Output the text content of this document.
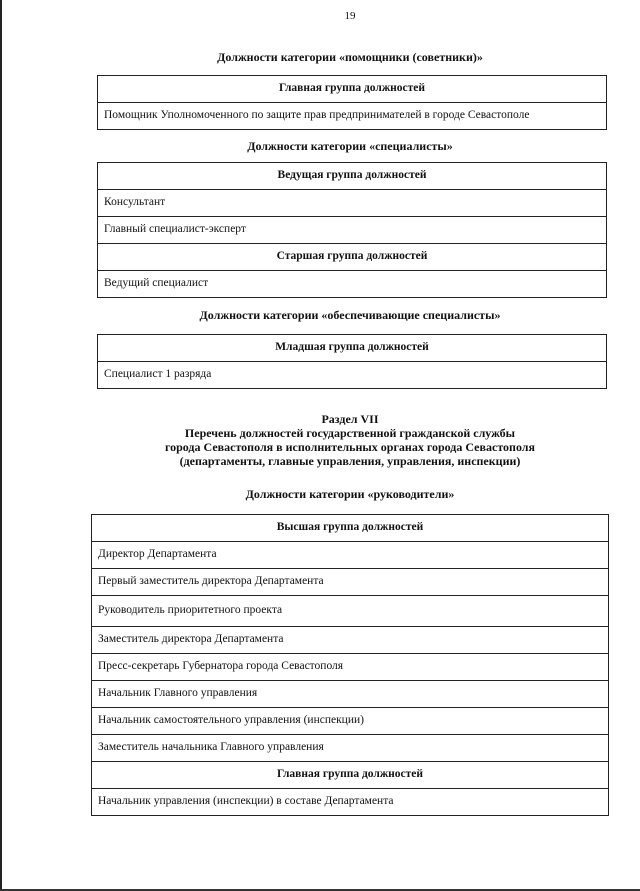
19
Должности категории «помощники (советники)»
Главная группа должностей
Помощник Уполномоченного по защите прав предпринимателей в городе Севастополе
Должности категории «специалисты»
Ведущая группа должностей
Консультант
Главный специалист-эксперт
Старшая группа должностей
Ведущий специалист
Должности категории «обеспечивающие специалисты»
Младшая группа должностей
Специалист 1 разряда
Раздел VII
Перечень должностей государственной гражданской службы
города Севастополя в исполнительных органах города Севастополя
(департаменты, главные управления, управления, инспекции)
Должности категории «руководители»
Высшая группа должностей
Директор Департамента
Первый заместитель директора Департамента
Руководитель приоритетного проекта
Заместитель директора Департамента
Пресс-секретарь Губернатора города Севастополя
Начальник Главного управления
Начальник самостоятельного управления (инспекции)
Заместитель начальника Главного управления
Главная группа должностей
Начальник управления (инспекции) в составе Департамента
